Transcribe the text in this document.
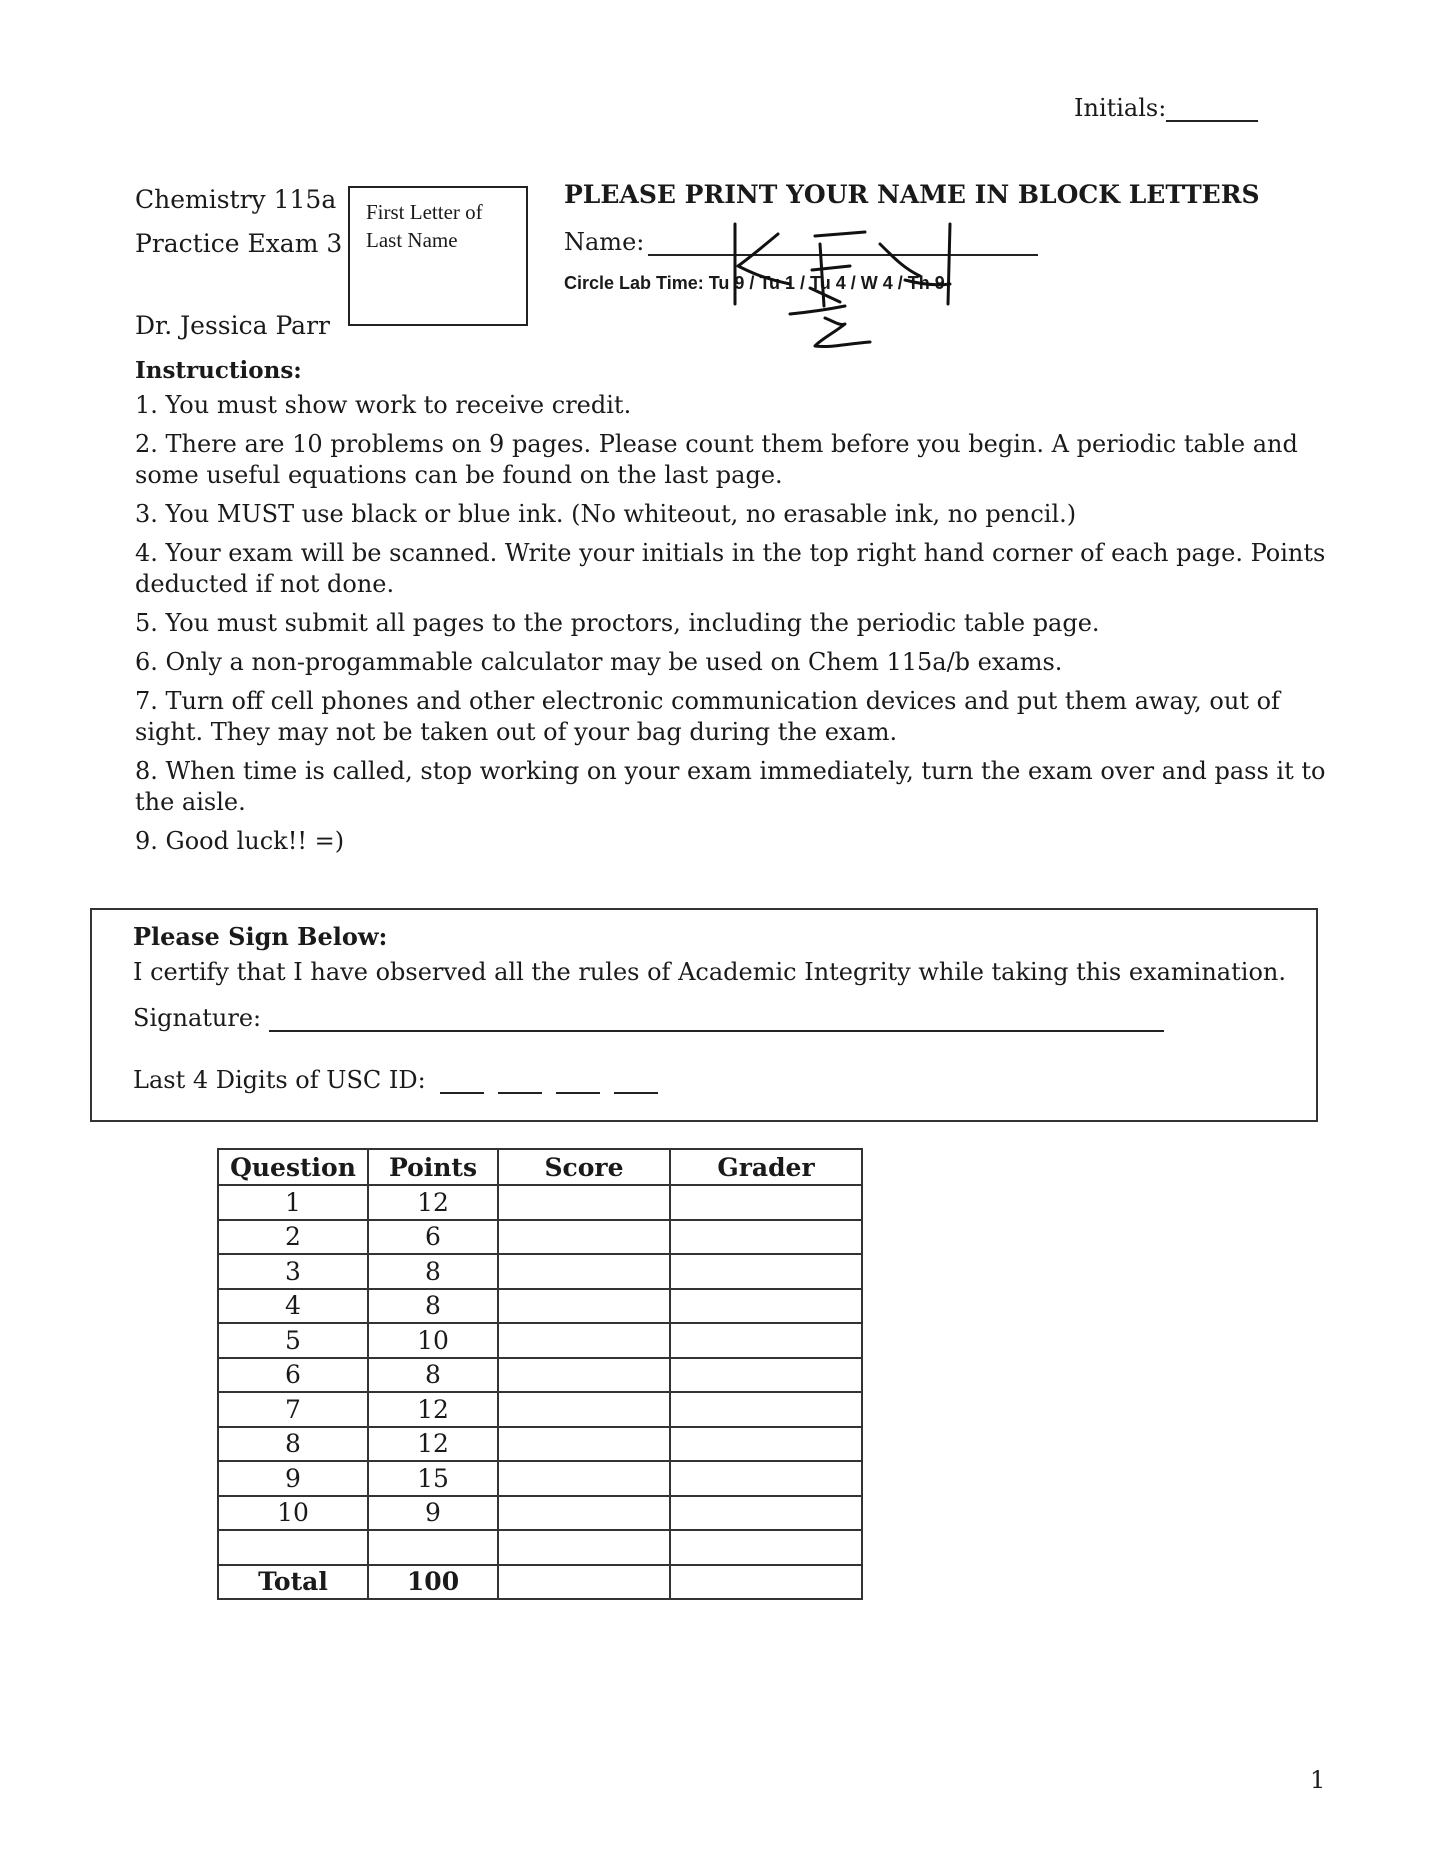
Initials:
Chemistry 115a
Practice Exam 3
Dr. Jessica Parr
First Letter of
Last Name
PLEASE PRINT YOUR NAME IN BLOCK LETTERS
Name:
Circle Lab Time: Tu 9 / Tu 1 / Tu 4 / W 4 / Th 9
Instructions:
1. You must show work to receive credit.
2. There are 10 problems on 9 pages. Please count them before you begin. A periodic table and some useful equations can be found on the last page.
3. You MUST use black or blue ink. (No whiteout, no erasable ink, no pencil.)
4. Your exam will be scanned. Write your initials in the top right hand corner of each page. Points deducted if not done.
5. You must submit all pages to the proctors, including the periodic table page.
6. Only a non-progammable calculator may be used on Chem 115a/b exams.
7. Turn off cell phones and other electronic communication devices and put them away, out of sight. They may not be taken out of your bag during the exam.
8. When time is called, stop working on your exam immediately, turn the exam over and pass it to the aisle.
9. Good luck!! =)
Please Sign Below:
I certify that I have observed all the rules of Academic Integrity while taking this examination.
Signature:
Last 4 Digits of USC ID:
Question	Points	Score	Grader
1	12		
2	6		
3	8		
4	8		
5	10		
6	8		
7	12		
8	12		
9	15		
10	9		

Total	100		
1
